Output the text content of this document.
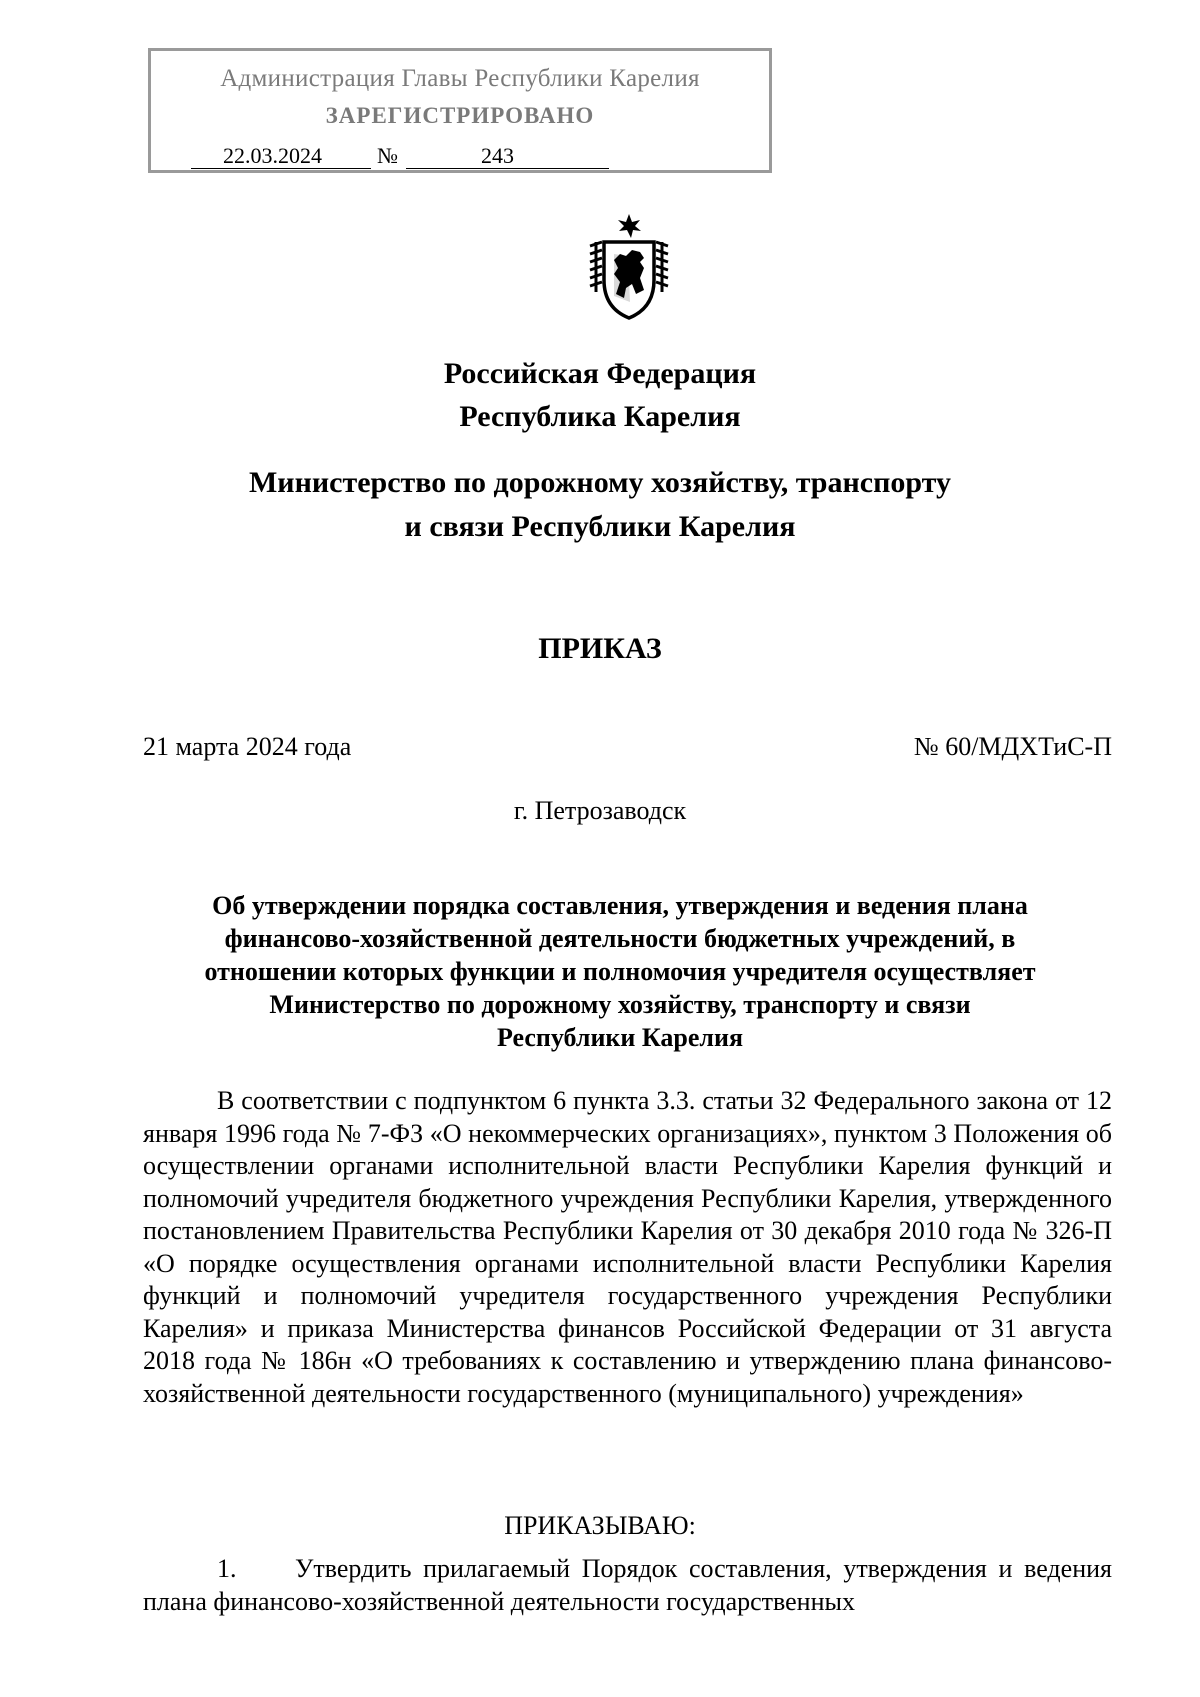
Администрация Главы Республики Карелия
ЗАРЕГИСТРИРОВАНО
22.03.2024	№	243
Российская Федерация
Республика Карелия
Министерство по дорожному хозяйству, транспорту
и связи Республики Карелия
ПРИКАЗ
21 марта 2024 года	№ 60/МДХТиС-П
г. Петрозаводск
Об утверждении порядка составления, утверждения и ведения плана
финансово-хозяйственной деятельности бюджетных учреждений, в
отношении которых функции и полномочия учредителя осуществляет
Министерство по дорожному хозяйству, транспорту и связи
Республики Карелия

В соответствии с подпунктом 6 пункта 3.3. статьи 32 Федерального закона от 12 января 1996 года № 7-ФЗ «О некоммерческих организациях», пунктом 3 Положения об осуществлении органами исполнительной власти Республики Карелия функций и полномочий учредителя бюджетного учреждения Республики Карелия, утвержденного постановлением Правительства Республики Карелия от 30 декабря 2010 года № 326-П «О порядке осуществления органами исполнительной власти Республики Карелия функций и полномочий учредителя государственного учреждения Республики Карелия» и приказа Министерства финансов Российской Федерации от 31 августа 2018 года № 186н «О требованиях к составлению и утверждению плана финансово-хозяйственной деятельности государственного (муниципального) учреждения»

ПРИКАЗЫВАЮ:

1. Утвердить прилагаемый Порядок составления, утверждения и ведения плана финансово-хозяйственной деятельности государственных
